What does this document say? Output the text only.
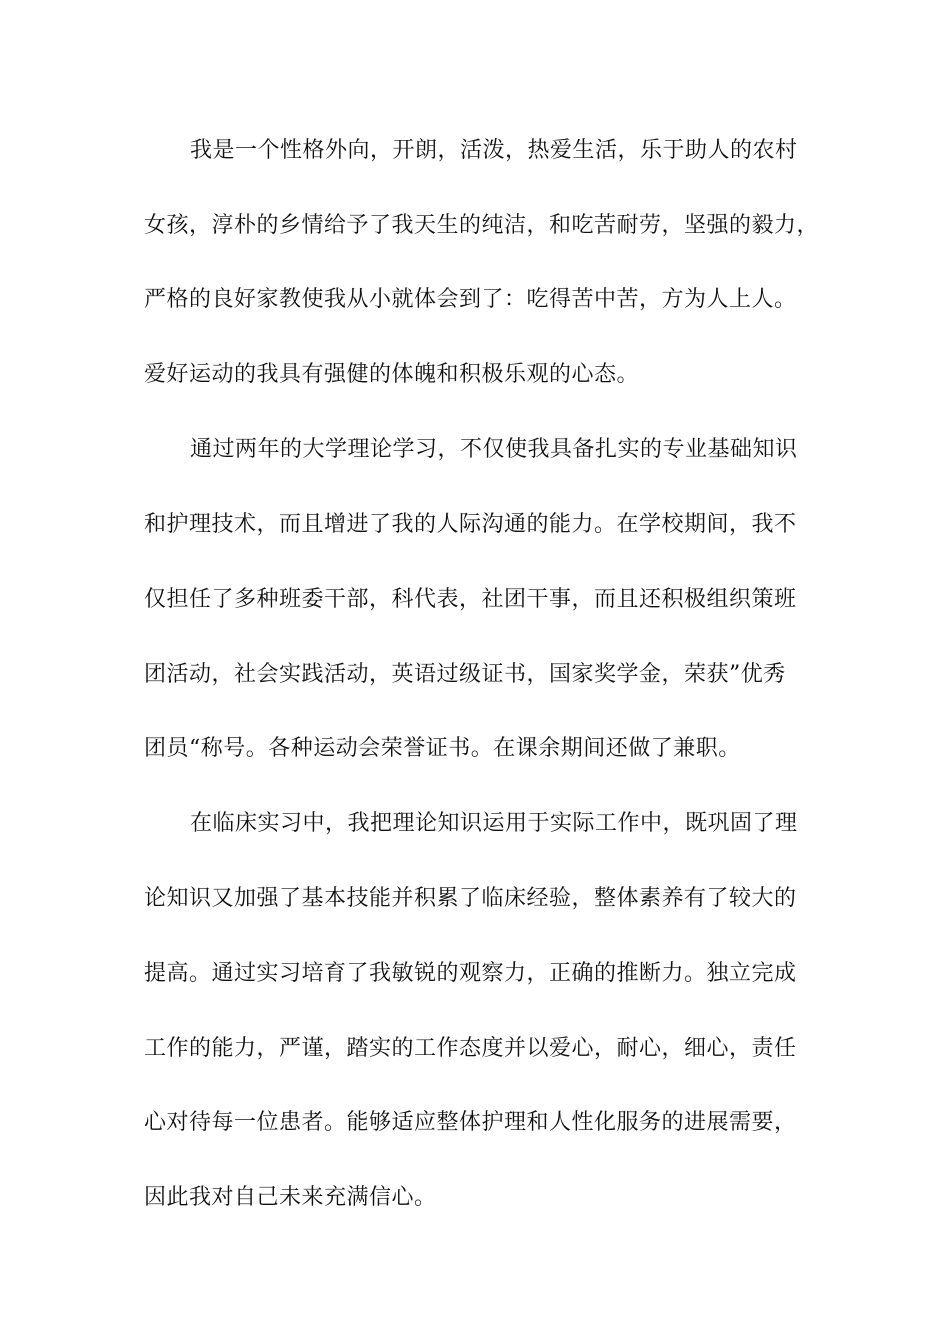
我是一个性格外向，开朗，活泼，热爱生活，乐于助人的农村
女孩，淳朴的乡情给予了我天生的纯洁，和吃苦耐劳，坚强的毅力，
严格的良好家教使我从小就体会到了：吃得苦中苦，方为人上人。
爱好运动的我具有强健的体魄和积极乐观的心态。
通过两年的大学理论学习，不仅使我具备扎实的专业基础知识
和护理技术，而且增进了我的人际沟通的能力。在学校期间，我不
仅担任了多种班委干部，科代表，社团干事，而且还积极组织策班
团活动，社会实践活动，英语过级证书，国家奖学金，荣获”优秀
团员“称号。各种运动会荣誉证书。在课余期间还做了兼职。
在临床实习中，我把理论知识运用于实际工作中，既巩固了理
论知识又加强了基本技能并积累了临床经验，整体素养有了较大的
提高。通过实习培育了我敏锐的观察力，正确的推断力。独立完成
工作的能力，严谨，踏实的工作态度并以爱心，耐心，细心，责任
心对待每一位患者。能够适应整体护理和人性化服务的进展需要，
因此我对自己未来充满信心。
